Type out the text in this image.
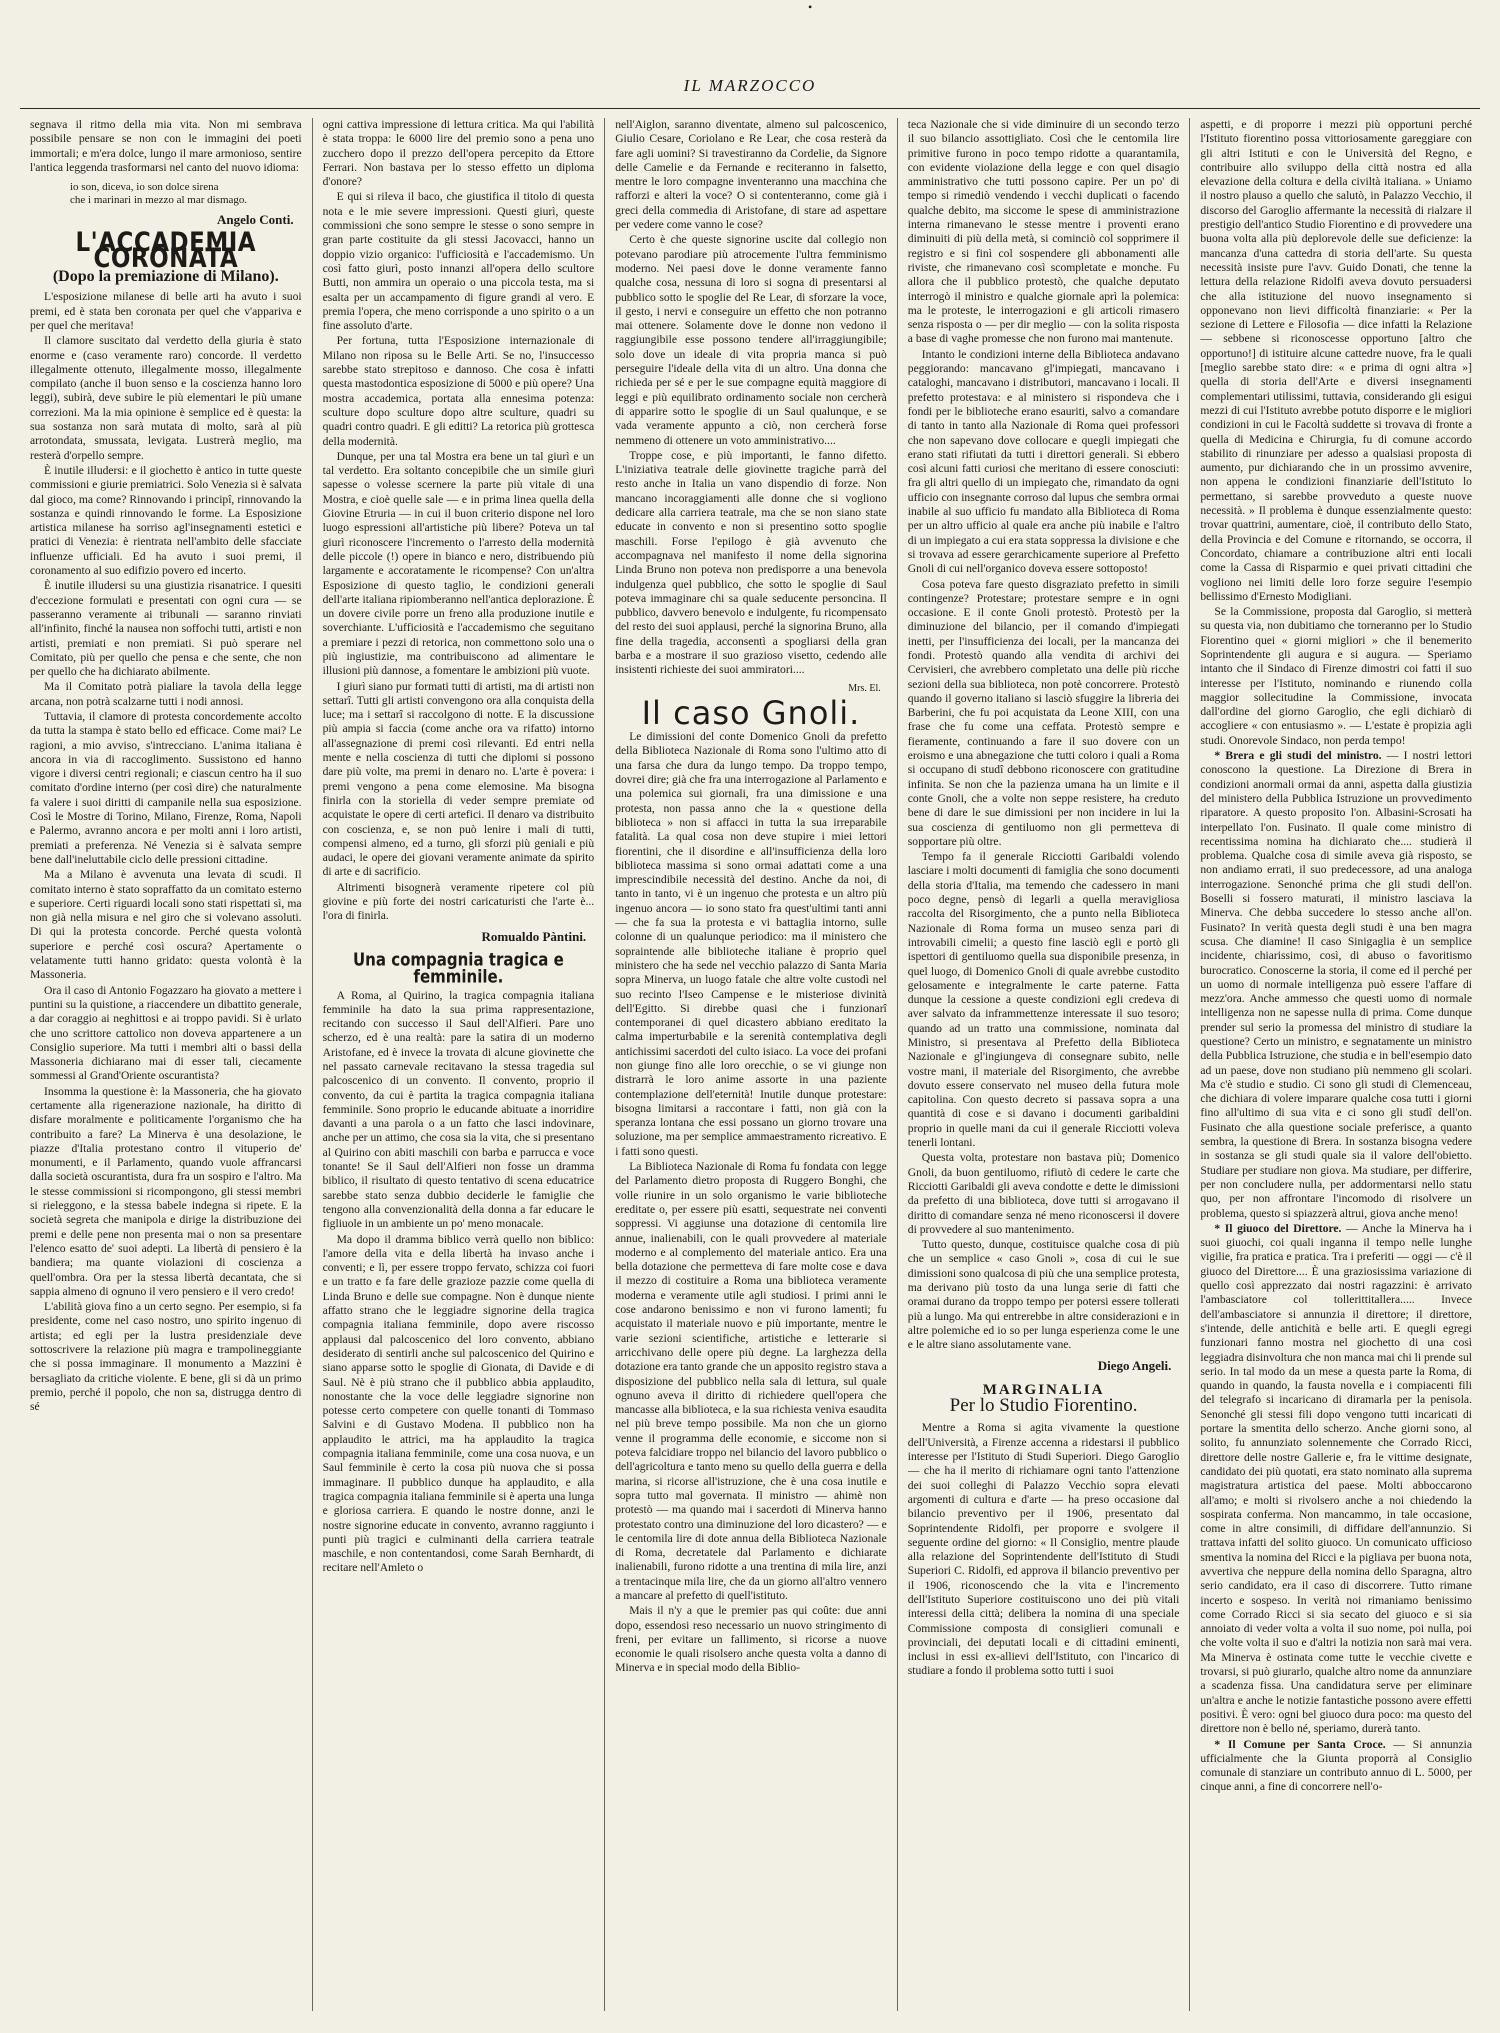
•
IL MARZOCCO

segnava il ritmo della mia vita. Non mi sembrava possibile pensare se non con le immagini dei poeti immortali; e m'era dolce, lungo il mare armonioso, sentire l'antica leggenda trasformarsi nel canto del nuovo idioma:

io son, diceva, io son dolce sirena
che i marinari in mezzo al mar dismago.
Angelo Conti.
L'ACCADEMIA CORONATA
(Dopo la premiazione di Milano).

L'esposizione milanese di belle arti ha avuto i suoi premi, ed è stata ben coronata per quel che v'appariva e per quel che meritava!

Il clamore suscitato dal verdetto della giuria è stato enorme e (caso veramente raro) concorde. Il verdetto illegalmente ottenuto, illegalmente mosso, illegalmente compilato (anche il buon senso e la coscienza hanno loro leggi), subirà, deve subire le più elementari le più umane correzioni. Ma la mia opinione è semplice ed è questa: la sua sostanza non sarà mutata di molto, sarà al più arrotondata, smussata, levigata. Lustrerà meglio, ma resterà d'orpello sempre.

È inutile illudersi: e il giochetto è antico in tutte queste commissioni e giurie premiatrici. Solo Venezia si è salvata dal gioco, ma come? Rinnovando i principî, rinnovando la sostanza e quindi rinnovando le forme. La Esposizione artistica milanese ha sorriso agl'insegnamenti estetici e pratici di Venezia: è rientrata nell'ambito delle sfacciate influenze ufficiali. Ed ha avuto i suoi premi, il coronamento al suo edifizio povero ed incerto.

È inutile illudersi su una giustizia risanatrice. I quesiti d'eccezione formulati e presentati con ogni cura — se passeranno veramente ai tribunali — saranno rinviati all'infinito, finché la nausea non soffochi tutti, artisti e non artisti, premiati e non premiati. Si può sperare nel Comitato, più per quello che pensa e che sente, che non per quello che ha dichiarato abilmente.

Ma il Comitato potrà pialiare la tavola della legge arcana, non potrà scalzarne tutti i nodi annosi.

Tuttavia, il clamore di protesta concordemente accolto da tutta la stampa è stato bello ed efficace. Come mai? Le ragioni, a mio avviso, s'intrecciano. L'anima italiana è ancora in via di raccoglimento. Sussistono ed hanno vigore i diversi centri regionali; e ciascun centro ha il suo comitato d'ordine interno (per così dire) che naturalmente fa valere i suoi diritti di campanile nella sua esposizione. Così le Mostre di Torino, Milano, Firenze, Roma, Napoli e Palermo, avranno ancora e per molti anni i loro artisti, premiati a preferenza. Né Venezia si è salvata sempre bene dall'ineluttabile ciclo delle pressioni cittadine.

Ma a Milano è avvenuta una levata di scudi. Il comitato interno è stato sopraffatto da un comitato esterno e superiore. Certi riguardi locali sono stati rispettati sì, ma non già nella misura e nel giro che si volevano assoluti. Di qui la protesta concorde. Perché questa volontà superiore e perché così oscura? Apertamente o velatamente tutti hanno gridato: questa volontà è la Massoneria.

Ora il caso di Antonio Fogazzaro ha giovato a mettere i puntini su la quistione, a riaccendere un dibattito generale, a dar coraggio ai neghittosi e ai troppo pavidi. Si è urlato che uno scrittore cattolico non doveva appartenere a un Consiglio superiore. Ma tutti i membri alti o bassi della Massoneria dichiarano mai di esser tali, ciecamente sommessi al Grand'Oriente oscurantista?

Insomma la questione è: la Massoneria, che ha giovato certamente alla rigenerazione nazionale, ha diritto di disfare moralmente e politicamente l'organismo che ha contribuito a fare? La Minerva è una desolazione, le piazze d'Italia protestano contro il vituperio de' monumenti, e il Parlamento, quando vuole affrancarsi dalla società oscurantista, dura fra un sospiro e l'altro. Ma le stesse commissioni si ricompongono, gli stessi membri si rieleggono, e la stessa babele indegna si ripete. E la società segreta che manipola e dirige la distribuzione dei premi e delle pene non presenta mai o non sa presentare l'elenco esatto de' suoi adepti. La libertà di pensiero è la bandiera; ma quante violazioni di coscienza a quell'ombra. Ora per la stessa libertà decantata, che si sappia almeno di ognuno il vero pensiero e il vero credo!

L'abilità giova fino a un certo segno. Per esempio, si fa presidente, come nel caso nostro, uno spirito ingenuo di artista; ed egli per la lustra presidenziale deve sottoscrivere la relazione più magra e trampolineggiante che si possa immaginare. Il monumento a Mazzini è bersagliato da critiche violente. E bene, gli si dà un primo premio, perché il popolo, che non sa, distrugga dentro di sé

ogni cattiva impressione di lettura critica. Ma qui l'abilità è stata troppa: le 6000 lire del premio sono a pena uno zucchero dopo il prezzo dell'opera percepito da Ettore Ferrari. Non bastava per lo stesso effetto un diploma d'onore?

E qui si rileva il baco, che giustifica il titolo di questa nota e le mie severe impressioni. Questi giurì, queste commissioni che sono sempre le stesse o sono sempre in gran parte costituite da gli stessi Jacovacci, hanno un doppio vizio organico: l'ufficiosità e l'accademismo. Un così fatto giurì, posto innanzi all'opera dello scultore Butti, non ammira un operaio o una piccola testa, ma si esalta per un accampamento di figure grandi al vero. E premia l'opera, che meno corrisponde a uno spirito o a un fine assoluto d'arte.

Per fortuna, tutta l'Esposizione internazionale di Milano non riposa su le Belle Arti. Se no, l'insuccesso sarebbe stato strepitoso e dannoso. Che cosa è infatti questa mastodontica esposizione di 5000 e più opere? Una mostra accademica, portata alla ennesima potenza: sculture dopo sculture dopo altre sculture, quadri su quadri contro quadri. E gli editti? La retorica più grottesca della modernità.

Dunque, per una tal Mostra era bene un tal giurì e un tal verdetto. Era soltanto concepibile che un simile giurì sapesse o volesse scernere la parte più vitale di una Mostra, e cioè quelle sale — e in prima linea quella della Giovine Etruria — in cui il buon criterio dispone nel loro luogo espressioni all'artistiche più libere? Poteva un tal giurì riconoscere l'incremento o l'arresto della modernità delle piccole (!) opere in bianco e nero, distribuendo più largamente e accoratamente le ricompense? Con un'altra Esposizione di questo taglio, le condizioni generali dell'arte italiana ripiomberanno nell'antica deplorazione. È un dovere civile porre un freno alla produzione inutile e soverchiante. L'ufficiosità e l'accademismo che seguitano a premiare i pezzi di retorica, non commettono solo una o più ingiustizie, ma contribuiscono ad alimentare le illusioni più dannose, a fomentare le ambizioni più vuote.

I giurì siano pur formati tutti di artisti, ma di artisti non settarî. Tutti gli artisti convengono ora alla conquista della luce; ma i settarî si raccolgono di notte. E la discussione più ampia si faccia (come anche ora va rifatto) intorno all'assegnazione di premi così rilevanti. Ed entri nella mente e nella coscienza di tutti che diplomi si possono dare più volte, ma premi in denaro no. L'arte è povera: i premi vengono a pena come elemosine. Ma bisogna finirla con la storiella di veder sempre premiate od acquistate le opere di certi artefici. Il denaro va distribuito con coscienza, e, se non può lenire i mali di tutti, compensi almeno, ed a turno, gli sforzi più geniali e più audaci, le opere dei giovani veramente animate da spirito di arte e di sacrificio.

Altrimenti bisognerà veramente ripetere col più giovine e più forte dei nostri caricaturisti che l'arte è... l'ora di finirla.

Romualdo Pàntini.
Una compagnia tragica e femminile.

A Roma, al Quirino, la tragica compagnia italiana femminile ha dato la sua prima rappresentazione, recitando con successo il Saul dell'Alfieri. Pare uno scherzo, ed è una realtà: pare la satira di un moderno Aristofane, ed è invece la trovata di alcune giovinette che nel passato carnevale recitavano la stessa tragedia sul palcoscenico di un convento. Il convento, proprio il convento, da cui è partita la tragica compagnia italiana femminile. Sono proprio le educande abituate a inorridire davanti a una parola o a un fatto che lasci indovinare, anche per un attimo, che cosa sia la vita, che si presentano al Quirino con abiti maschili con barba e parrucca e voce tonante! Se il Saul dell'Alfieri non fosse un dramma biblico, il risultato di questo tentativo di scena educatrice sarebbe stato senza dubbio deciderle le famiglie che tengono alla convenzionalità della donna a far educare le figliuole in un ambiente un po' meno monacale.

Ma dopo il dramma biblico verrà quello non biblico: l'amore della vita e della libertà ha invaso anche i conventi; e lì, per essere troppo fervato, schizza coi fuori e un tratto e fa fare delle grazioze pazzie come quella di Linda Bruno e delle sue compagne. Non è dunque niente affatto strano che le leggiadre signorine della tragica compagnia italiana femminile, dopo avere riscosso applausi dal palcoscenico del loro convento, abbiano desiderato di sentirli anche sul palcoscenico del Quirino e siano apparse sotto le spoglie di Gionata, di Davide e di Saul. Nè è più strano che il pubblico abbia applaudito, nonostante che la voce delle leggiadre signorine non potesse certo competere con quelle tonanti di Tommaso Salvini e di Gustavo Modena. Il pubblico non ha applaudito le attrici, ma ha applaudito la tragica compagnia italiana femminile, come una cosa nuova, e un Saul femminile è certo la cosa più nuova che si possa immaginare. Il pubblico dunque ha applaudito, e alla tragica compagnia italiana femminile si è aperta una lunga e gloriosa carriera. E quando le nostre donne, anzi le nostre signorine educate in convento, avranno raggiunto i punti più tragici e culminanti della carriera teatrale maschile, e non contentandosi, come Sarah Bernhardt, di recitare nell'Amleto o

nell'Aiglon, saranno diventate, almeno sul palcoscenico, Giulio Cesare, Coriolano e Re Lear, che cosa resterà da fare agli uomini? Si travestiranno da Cordelie, da Signore delle Camelie e da Fernande e reciteranno in falsetto, mentre le loro compagne inventeranno una macchina che rafforzi e alteri la voce? O si contenteranno, come già i greci della commedia di Aristofane, di stare ad aspettare per vedere come vanno le cose?

Certo è che queste signorine uscite dal collegio non potevano parodiare più atrocemente l'ultra femminismo moderno. Nei paesi dove le donne veramente fanno qualche cosa, nessuna di loro si sogna di presentarsi al pubblico sotto le spoglie del Re Lear, di sforzare la voce, il gesto, i nervi e conseguire un effetto che non potranno mai ottenere. Solamente dove le donne non vedono il raggiungibile esse possono tendere all'irraggiungibile; solo dove un ideale di vita propria manca si può perseguire l'ideale della vita di un altro. Una donna che richieda per sé e per le sue compagne equità maggiore di leggi e più equilibrato ordinamento sociale non cercherà di apparire sotto le spoglie di un Saul qualunque, e se vada veramente appunto a ciò, non cercherà forse nemmeno di ottenere un voto amministrativo....

Troppe cose, e più importanti, le fanno difetto. L'iniziativa teatrale delle giovinette tragiche parrà del resto anche in Italia un vano dispendio di forze. Non mancano incoraggiamenti alle donne che si vogliono dedicare alla carriera teatrale, ma che se non siano state educate in convento e non si presentino sotto spoglie maschili. Forse l'epilogo è già avvenuto che accompagnava nel manifesto il nome della signorina Linda Bruno non poteva non predisporre a una benevola indulgenza quel pubblico, che sotto le spoglie di Saul poteva immaginare chi sa quale seducente personcina. Il pubblico, davvero benevolo e indulgente, fu ricompensato del resto dei suoi applausi, perché la signorina Bruno, alla fine della tragedia, acconsentì a spogliarsi della gran barba e a mostrare il suo grazioso visetto, cedendo alle insistenti richieste dei suoi ammiratori....

Mrs. El.
Il caso Gnoli.

Le dimissioni del conte Domenico Gnoli da prefetto della Biblioteca Nazionale di Roma sono l'ultimo atto di una farsa che dura da lungo tempo. Da troppo tempo, dovrei dire; già che fra una interrogazione al Parlamento e una polemica sui giornali, fra una dimissione e una protesta, non passa anno che la « questione della biblioteca » non si affacci in tutta la sua irreparabile fatalità. La qual cosa non deve stupire i miei lettori fiorentini, che il disordine e all'insufficienza della loro biblioteca massima si sono ormai adattati come a una imprescindibile necessità del destino. Anche da noi, di tanto in tanto, vi è un ingenuo che protesta e un altro più ingenuo ancora — io sono stato fra quest'ultimi tanti anni — che fa sua la protesta e vi battaglia intorno, sulle colonne di un qualunque periodico: ma il ministero che sopraintende alle biblioteche italiane è proprio quel ministero che ha sede nel vecchio palazzo di Santa Maria sopra Minerva, un luogo fatale che altre volte custodì nel suo recinto l'Iseo Campense e le misteriose divinità dell'Egitto. Si direbbe quasi che i funzionarî contemporanei di quel dicastero abbiano ereditato la calma imperturbabile e la serenità contemplativa degli antichissimi sacerdoti del culto isiaco. La voce dei profani non giunge fino alle loro orecchie, o se vi giunge non distrarrà le loro anime assorte in una paziente contemplazione dell'eternità! Inutile dunque protestare: bisogna limitarsi a raccontare i fatti, non già con la speranza lontana che essi possano un giorno trovare una soluzione, ma per semplice ammaestramento ricreativo. E i fatti sono questi.

La Biblioteca Nazionale di Roma fu fondata con legge del Parlamento dietro proposta di Ruggero Bonghi, che volle riunire in un solo organismo le varie biblioteche ereditate o, per essere più esatti, sequestrate nei conventi soppressi. Vi aggiunse una dotazione di centomila lire annue, inalienabili, con le quali provvedere al materiale moderno e al complemento del materiale antico. Era una bella dotazione che permetteva di fare molte cose e dava il mezzo di costituire a Roma una biblioteca veramente moderna e veramente utile agli studiosi. I primi anni le cose andarono benissimo e non vi furono lamenti; fu acquistato il materiale nuovo e più importante, mentre le varie sezioni scientifiche, artistiche e letterarie si arricchivano delle opere più degne. La larghezza della dotazione era tanto grande che un apposito registro stava a disposizione del pubblico nella sala di lettura, sul quale ognuno aveva il diritto di richiedere quell'opera che mancasse alla biblioteca, e la sua richiesta veniva esaudita nel più breve tempo possibile. Ma non che un giorno venne il programma delle economie, e siccome non si poteva falcidiare troppo nel bilancio del lavoro pubblico o dell'agricoltura e tanto meno su quello della guerra e della marina, si ricorse all'istruzione, che è una cosa inutile e sopra tutto mal governata. Il ministro — ahimè non protestò — ma quando mai i sacerdoti di Minerva hanno protestato contro una diminuzione del loro dicastero? — e le centomila lire di dote annua della Biblioteca Nazionale di Roma, decretatele dal Parlamento e dichiarate inalienabili, furono ridotte a una trentina di mila lire, anzi a trentacinque mila lire, che da un giorno all'altro vennero a mancare al prefetto di quell'istituto.

Mais il n'y a que le premier pas qui coûte: due anni dopo, essendosi reso necessario un nuovo stringimento di freni, per evitare un fallimento, si ricorse a nuove economie le quali risolsero anche questa volta a danno di Minerva e in special modo della Biblio-

teca Nazionale che si vide diminuire di un secondo terzo il suo bilancio assottigliato. Così che le centomila lire primitive furono in poco tempo ridotte a quarantamila, con evidente violazione della legge e con quel disagio amministrativo che tutti possono capire. Per un po' di tempo si rimediò vendendo i vecchi duplicati o facendo qualche debito, ma siccome le spese di amministrazione interna rimanevano le stesse mentre i proventi erano diminuiti di più della metà, si cominciò col sopprimere il registro e si finì col sospendere gli abbonamenti alle riviste, che rimanevano così scompletate e monche. Fu allora che il pubblico protestò, che qualche deputato interrogò il ministro e qualche giornale aprì la polemica: ma le proteste, le interrogazioni e gli articoli rimasero senza risposta o — per dir meglio — con la solita risposta a base di vaghe promesse che non furono mai mantenute.

Intanto le condizioni interne della Biblioteca andavano peggiorando: mancavano gl'impiegati, mancavano i cataloghi, mancavano i distributori, mancavano i locali. Il prefetto protestava: e al ministero si rispondeva che i fondi per le biblioteche erano esauriti, salvo a comandare di tanto in tanto alla Nazionale di Roma quei professori che non sapevano dove collocare e quegli impiegati che erano stati rifiutati da tutti i direttori generali. Si ebbero così alcuni fatti curiosi che meritano di essere conosciuti: fra gli altri quello di un impiegato che, rimandato da ogni ufficio con insegnante corroso dal lupus che sembra ormai inabile al suo ufficio fu mandato alla Biblioteca di Roma per un altro ufficio al quale era anche più inabile e l'altro di un impiegato a cui era stata soppressa la divisione e che si trovava ad essere gerarchicamente superiore al Prefetto Gnoli di cui nell'organico doveva essere sottoposto!

Cosa poteva fare questo disgraziato prefetto in simili contingenze? Protestare; protestare sempre e in ogni occasione. E il conte Gnoli protestò. Protestò per la diminuzione del bilancio, per il comando d'impiegati inetti, per l'insufficienza dei locali, per la mancanza dei fondi. Protestò quando alla vendita di archivi dei Cervisieri, che avrebbero completato una delle più ricche sezioni della sua biblioteca, non potè concorrere. Protestò quando il governo italiano si lasciò sfuggire la libreria dei Barberini, che fu poi acquistata da Leone XIII, con una frase che fu come una ceffata. Protestò sempre e fieramente, continuando a fare il suo dovere con un eroismo e una abnegazione che tutti coloro i quali a Roma si occupano di studî debbono riconoscere con gratitudine infinita. Se non che la pazienza umana ha un limite e il conte Gnoli, che a volte non seppe resistere, ha creduto bene di dare le sue dimissioni per non incidere in lui la sua coscienza di gentiluomo non gli permetteva di sopportare più oltre.

Tempo fa il generale Ricciotti Garibaldi volendo lasciare i molti documenti di famiglia che sono documenti della storia d'Italia, ma temendo che cadessero in mani poco degne, pensò di legarli a quella meravigliosa raccolta del Risorgimento, che a punto nella Biblioteca Nazionale di Roma forma un museo senza pari di introvabili cimelii; a questo fine lasciò egli e portò gli ispettori di gentiluomo quella sua disponibile presenza, in quel luogo, di Domenico Gnoli di quale avrebbe custodito gelosamente e integralmente le carte paterne. Fatta dunque la cessione a queste condizioni egli credeva di aver salvato da inframmettenze interessate il suo tesoro; quando ad un tratto una commissione, nominata dal Ministro, si presentava al Prefetto della Biblioteca Nazionale e gl'ingiungeva di consegnare subito, nelle vostre mani, il materiale del Risorgimento, che avrebbe dovuto essere conservato nel museo della futura mole capitolina. Con questo decreto si passava sopra a una quantità di cose e si davano i documenti garibaldini proprio in quelle mani da cui il generale Ricciotti voleva tenerli lontani.

Questa volta, protestare non bastava più; Domenico Gnoli, da buon gentiluomo, rifiutò di cedere le carte che Ricciotti Garibaldi gli aveva condotte e dette le dimissioni da prefetto di una biblioteca, dove tutti si arrogavano il diritto di comandare senza né meno riconoscersi il dovere di provvedere al suo mantenimento.

Tutto questo, dunque, costituisce qualche cosa di più che un semplice « caso Gnoli », cosa di cui le sue dimissioni sono qualcosa di più che una semplice protesta, ma derivano più tosto da una lunga serie di fatti che oramai durano da troppo tempo per potersi essere tollerati più a lungo. Ma qui entrerebbe in altre considerazioni e in altre polemiche ed io so per lunga esperienza come le une e le altre siano assolutamente vane.

Diego Angeli.
MARGINALIA
Per lo Studio Fiorentino.

Mentre a Roma si agita vivamente la questione dell'Università, a Firenze accenna a ridestarsi il pubblico interesse per l'Istituto di Studi Superiori. Diego Garoglio — che ha il merito di richiamare ogni tanto l'attenzione dei suoi colleghi di Palazzo Vecchio sopra elevati argomenti di cultura e d'arte — ha preso occasione dal bilancio preventivo per il 1906, presentato dal Soprintendente Ridolfi, per proporre e svolgere il seguente ordine del giorno: « Il Consiglio, mentre plaude alla relazione del Soprintendente dell'Istituto di Studi Superiori C. Ridolfi, ed approva il bilancio preventivo per il 1906, riconoscendo che la vita e l'incremento dell'Istituto Superiore costituiscono uno dei più vitali interessi della città; delibera la nomina di una speciale Commissione composta di consiglieri comunali e provinciali, dei deputati locali e di cittadini eminenti, inclusi in essi ex-allievi dell'Istituto, con l'incarico di studiare a fondo il problema sotto tutti i suoi

aspetti, e di proporre i mezzi più opportuni perché l'Istituto fiorentino possa vittoriosamente gareggiare con gli altri Istituti e con le Università del Regno, e contribuire allo sviluppo della città nostra ed alla elevazione della coltura e della civiltà italiana. » Uniamo il nostro plauso a quello che salutò, in Palazzo Vecchio, il discorso del Garoglio affermante la necessità di rialzare il prestigio dell'antico Studio Fiorentino e di provvedere una buona volta alla più deplorevole delle sue deficienze: la mancanza d'una cattedra di storia dell'arte. Su questa necessità insiste pure l'avv. Guido Donati, che tenne la lettura della relazione Ridolfi aveva dovuto persuadersi che alla istituzione del nuovo insegnamento si opponevano non lievi difficoltà finanziarie: « Per la sezione di Lettere e Filosofia — dice infatti la Relazione — sebbene si riconoscesse opportuno [altro che opportuno!] di istituire alcune cattedre nuove, fra le quali [meglio sarebbe stato dire: « e prima di ogni altra »] quella di storia dell'Arte e diversi insegnamenti complementari utilissimi, tuttavia, considerando gli esigui mezzi di cui l'Istituto avrebbe potuto disporre e le migliori condizioni in cui le Facoltà suddette si trovava di fronte a quella di Medicina e Chirurgia, fu di comune accordo stabilito di rinunziare per adesso a qualsiasi proposta di aumento, pur dichiarando che in un prossimo avvenire, non appena le condizioni finanziarie dell'Istituto lo permettano, si sarebbe provveduto a queste nuove necessità. » Il problema è dunque essenzialmente questo: trovar quattrini, aumentare, cioè, il contributo dello Stato, della Provincia e del Comune e ritornando, se occorra, il Concordato, chiamare a contribuzione altri enti locali come la Cassa di Risparmio e quei privati cittadini che vogliono nei limiti delle loro forze seguire l'esempio bellissimo d'Ernesto Modigliani.

Se la Commissione, proposta dal Garoglio, si metterà su questa via, non dubitiamo che torneranno per lo Studio Fiorentino quei « giorni migliori » che il benemerito Soprintendente gli augura e si augura. — Speriamo intanto che il Sindaco di Firenze dimostri coi fatti il suo interesse per l'Istituto, nominando e riunendo colla maggior sollecitudine la Commissione, invocata dall'ordine del giorno Garoglio, che egli dichiarò di accogliere « con entusiasmo ». — L'estate è propizia agli studi. Onorevole Sindaco, non perda tempo!

* Brera e gli studi del ministro. — I nostri lettori conoscono la questione. La Direzione di Brera in condizioni anormali ormai da anni, aspetta dalla giustizia del ministero della Pubblica Istruzione un provvedimento riparatore. A questo proposito l'on. Albasini-Scrosati ha interpellato l'on. Fusinato. Il quale come ministro di recentissima nomina ha dichiarato che.... studierà il problema. Qualche cosa di simile aveva già risposto, se non andiamo errati, il suo predecessore, ad una analoga interrogazione. Senonché prima che gli studi dell'on. Boselli si fossero maturati, il ministro lasciava la Minerva. Che debba succedere lo stesso anche all'on. Fusinato? In verità questa degli studi è una ben magra scusa. Che diamine! Il caso Sinigaglia è un semplice incidente, chiarissimo, così, di abuso o favoritismo burocratico. Conoscerne la storia, il come ed il perché per un uomo di normale intelligenza può essere l'affare di mezz'ora. Anche ammesso che questi uomo di normale intelligenza non ne sapesse nulla di prima. Come dunque prender sul serio la promessa del ministro di studiare la questione? Certo un ministro, e segnatamente un ministro della Pubblica Istruzione, che studia e in bell'esempio dato ad un paese, dove non studiano più nemmeno gli scolari. Ma c'è studio e studio. Ci sono gli studi di Clemenceau, che dichiara di volere imparare qualche cosa tutti i giorni fino all'ultimo di sua vita e ci sono gli studî dell'on. Fusinato che alla questione sociale preferisce, a quanto sembra, la questione di Brera. In sostanza bisogna vedere in sostanza se gli studi quale sia il valore dell'obietto. Studiare per studiare non giova. Ma studiare, per differire, per non concludere nulla, per addormentarsi nello statu quo, per non affrontare l'incomodo di risolvere un problema, questo si spiazzerà altrui, giova anche meno!

* Il giuoco del Direttore. — Anche la Minerva ha i suoi giuochi, coi quali inganna il tempo nelle lunghe vigilie, fra pratica e pratica. Tra i preferiti — oggi — c'è il giuoco del Direttore.... È una graziosissima variazione di quello così apprezzato dai nostri ragazzini: è arrivato l'ambasciatore col tollerittitallera..... Invece dell'ambasciatore si annunzia il direttore; il direttore, s'intende, delle antichità e belle arti. E quegli egregi funzionari fanno mostra nel giochetto di una così leggiadra disinvoltura che non manca mai chi li prende sul serio. In tal modo da un mese a questa parte la Roma, di quando in quando, la fausta novella e i compiacenti fili del telegrafo si incaricano di diramarla per la penisola. Senonché gli stessi fili dopo vengono tutti incaricati di portare la smentita dello scherzo. Anche giorni sono, al solito, fu annunziato solennemente che Corrado Ricci, direttore delle nostre Gallerie e, fra le vittime designate, candidato dei più quotati, era stato nominato alla suprema magistratura artistica del paese. Molti abboccarono all'amo; e molti si rivolsero anche a noi chiedendo la sospirata conferma. Non mancammo, in tale occasione, come in altre consimili, di diffidare dell'annunzio. Si trattava infatti del solito giuoco. Un comunicato ufficioso smentiva la nomina del Ricci e la pigliava per buona nota, avvertiva che neppure della nomina dello Sparagna, altro serio candidato, era il caso di discorrere. Tutto rimane incerto e sospeso. In verità noi rimaniamo benissimo come Corrado Ricci si sia secato del giuoco e si sia annoiato di veder volta a volta il suo nome, poi nulla, poi che volte volta il suo e d'altri la notizia non sarà mai vera. Ma Minerva è ostinata come tutte le vecchie civette e trovarsi, si può giurarlo, qualche altro nome da annunziare a scadenza fissa. Una candidatura serve per eliminare un'altra e anche le notizie fantastiche possono avere effetti positivi. È vero: ogni bel giuoco dura poco: ma questo del direttore non è bello né, speriamo, durerà tanto.

* Il Comune per Santa Croce. — Si annunzia ufficialmente che la Giunta proporrà al Consiglio comunale di stanziare un contributo annuo di L. 5000, per cinque anni, a fine di concorrere nell'o-
